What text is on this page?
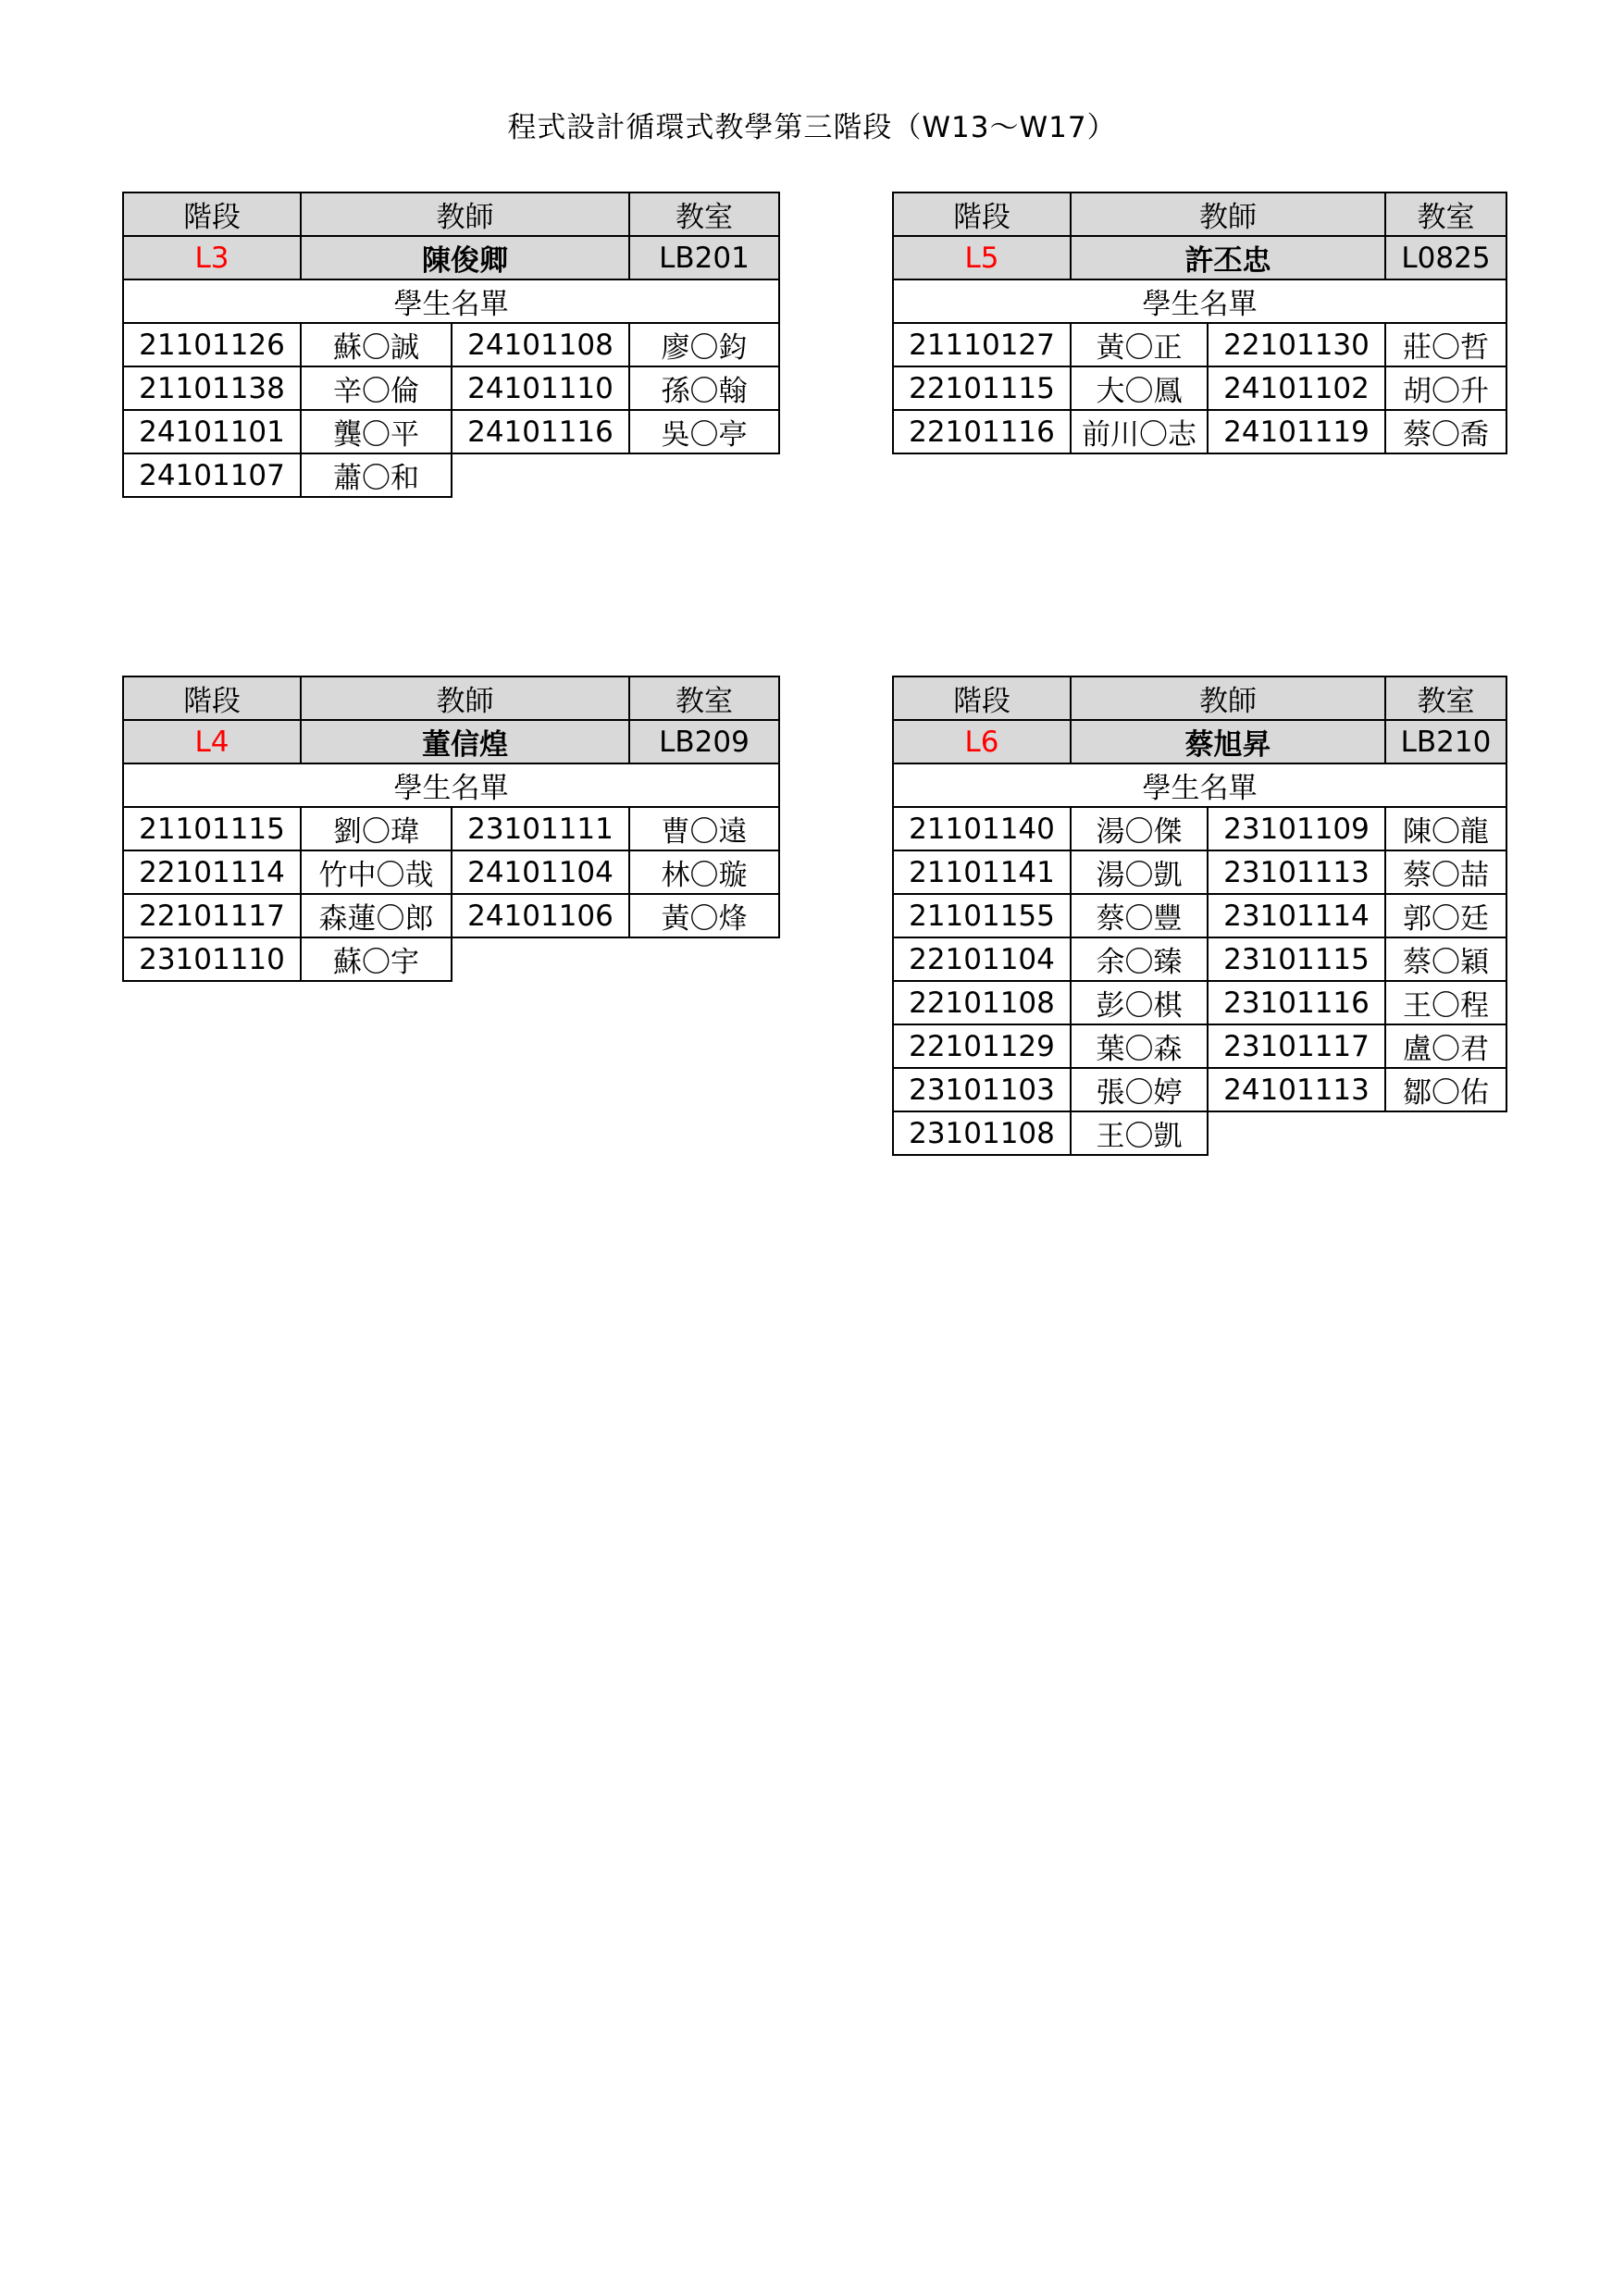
程式設計循環式教學第三階段（W13～W17）
階段	教師		教室
L3	陳俊卿		LB201
學生名單			
21101126	蘇〇誠	24101108	廖〇鈞
21101138	辛〇倫	24101110	孫〇翰
24101101	龔〇平	24101116	吳〇亭
24101107	蕭〇和		
階段	教師		教室
L5	許丕忠		L0825
學生名單			
21110127	黃〇正	22101130	莊〇哲
22101115	大〇鳳	24101102	胡〇升
22101116	前川〇志	24101119	蔡〇喬
階段	教師		教室
L4	董信煌		LB209
學生名單			
21101115	劉〇瑋	23101111	曹〇遠
22101114	竹中〇哉	24101104	林〇璇
22101117	森蓮〇郎	24101106	黃〇烽
23101110	蘇〇宇		
階段	教師		教室
L6	蔡旭昇		LB210
學生名單			
21101140	湯〇傑	23101109	陳〇龍
21101141	湯〇凱	23101113	蔡〇喆
21101155	蔡〇豐	23101114	郭〇廷
22101104	余〇臻	23101115	蔡〇穎
22101108	彭〇棋	23101116	王〇程
22101129	葉〇森	23101117	盧〇君
23101103	張〇婷	24101113	鄒〇佑
23101108	王〇凱		
